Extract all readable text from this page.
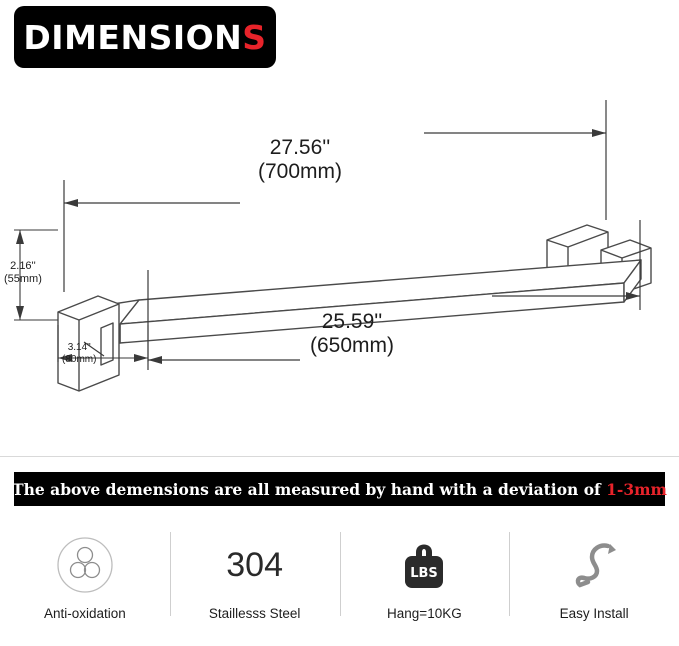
DIMENSIONS
27.56''
(700mm)
25.59''
(650mm)
2.16''
(55mm)
3.14"
(80mm)
The above demensions are all measured by hand with a deviation of 1-3mm
Anti-oxidation
304
Staillesss Steel
LBS
Hang=10KG	Easy Install
